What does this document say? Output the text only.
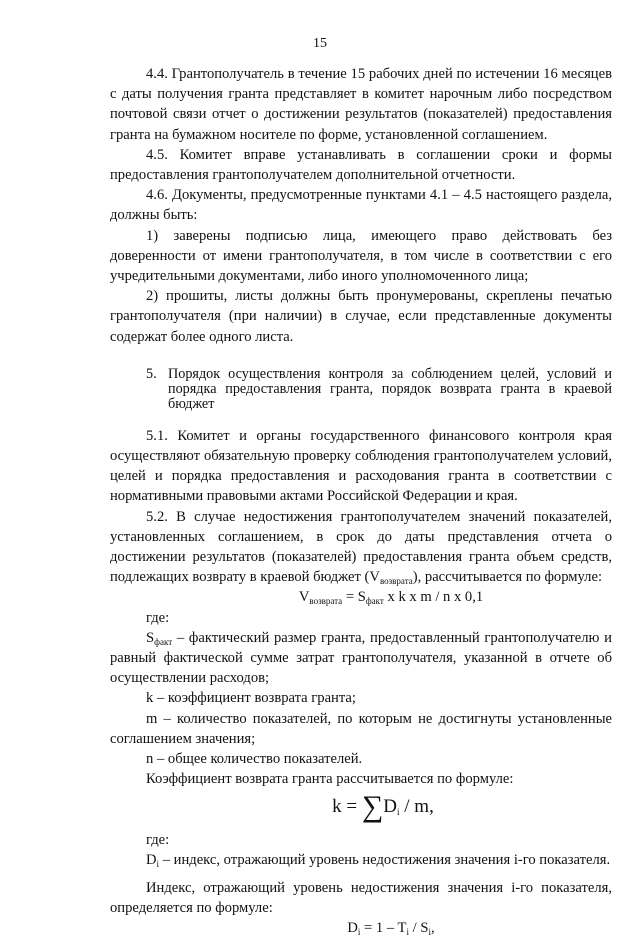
15

4.4. Грантополучатель в течение 15 рабочих дней по истечении 16 месяцев с даты получения гранта представляет в комитет нарочным либо посредством почтовой связи отчет о достижении результатов (показателей) предоставления гранта на бумажном носителе по форме, установленной соглашением.

4.5. Комитет вправе устанавливать в соглашении сроки и формы предоставления грантополучателем дополнительной отчетности.

4.6. Документы, предусмотренные пунктами 4.1 – 4.5 настоящего раздела, должны быть:

1) заверены подписью лица, имеющего право действовать без доверенности от имени грантополучателя, в том числе в соответствии с его учредительными документами, либо иного уполномоченного лица;

2) прошиты, листы должны быть пронумерованы, скреплены печатью грантополучателя (при наличии) в случае, если представленные документы содержат более одного листа.

5. Порядок осуществления контроля за соблюдением целей, условий и порядка предоставления гранта, порядок возврата гранта в краевой бюджет

5.1. Комитет и органы государственного финансового контроля края осуществляют обязательную проверку соблюдения грантополучателем условий, целей и порядка предоставления и расходования гранта в соответствии с нормативными правовыми актами Российской Федерации и края.

5.2. В случае недостижения грантополучателем значений показателей, установленных соглашением, в срок до даты представления отчета о достижении результатов (показателей) предоставления гранта объем средств, подлежащих возврату в краевой бюджет $(V_{возврата})$, рассчитывается по формуле:

$V_{возврата} = S_{факт}$ x k x m / n x 0,1

где:

$S_{факт}$ – фактический размер гранта, предоставленный грантополучателю и равный фактической сумме затрат грантополучателя, указанной в отчете об осуществлении расходов;

k – коэффициент возврата гранта;

m – количество показателей, по которым не достигнуты установленные соглашением значения;

n – общее количество показателей.

Коэффициент возврата гранта рассчитывается по формуле:

$k = \sum D_i / m$,

где:

$D_i$ – индекс, отражающий уровень недостижения значения i-го показателя.

Индекс, отражающий уровень недостижения значения i-го показателя, определяется по формуле:

$D_i = 1 - T_i / S_i$,
